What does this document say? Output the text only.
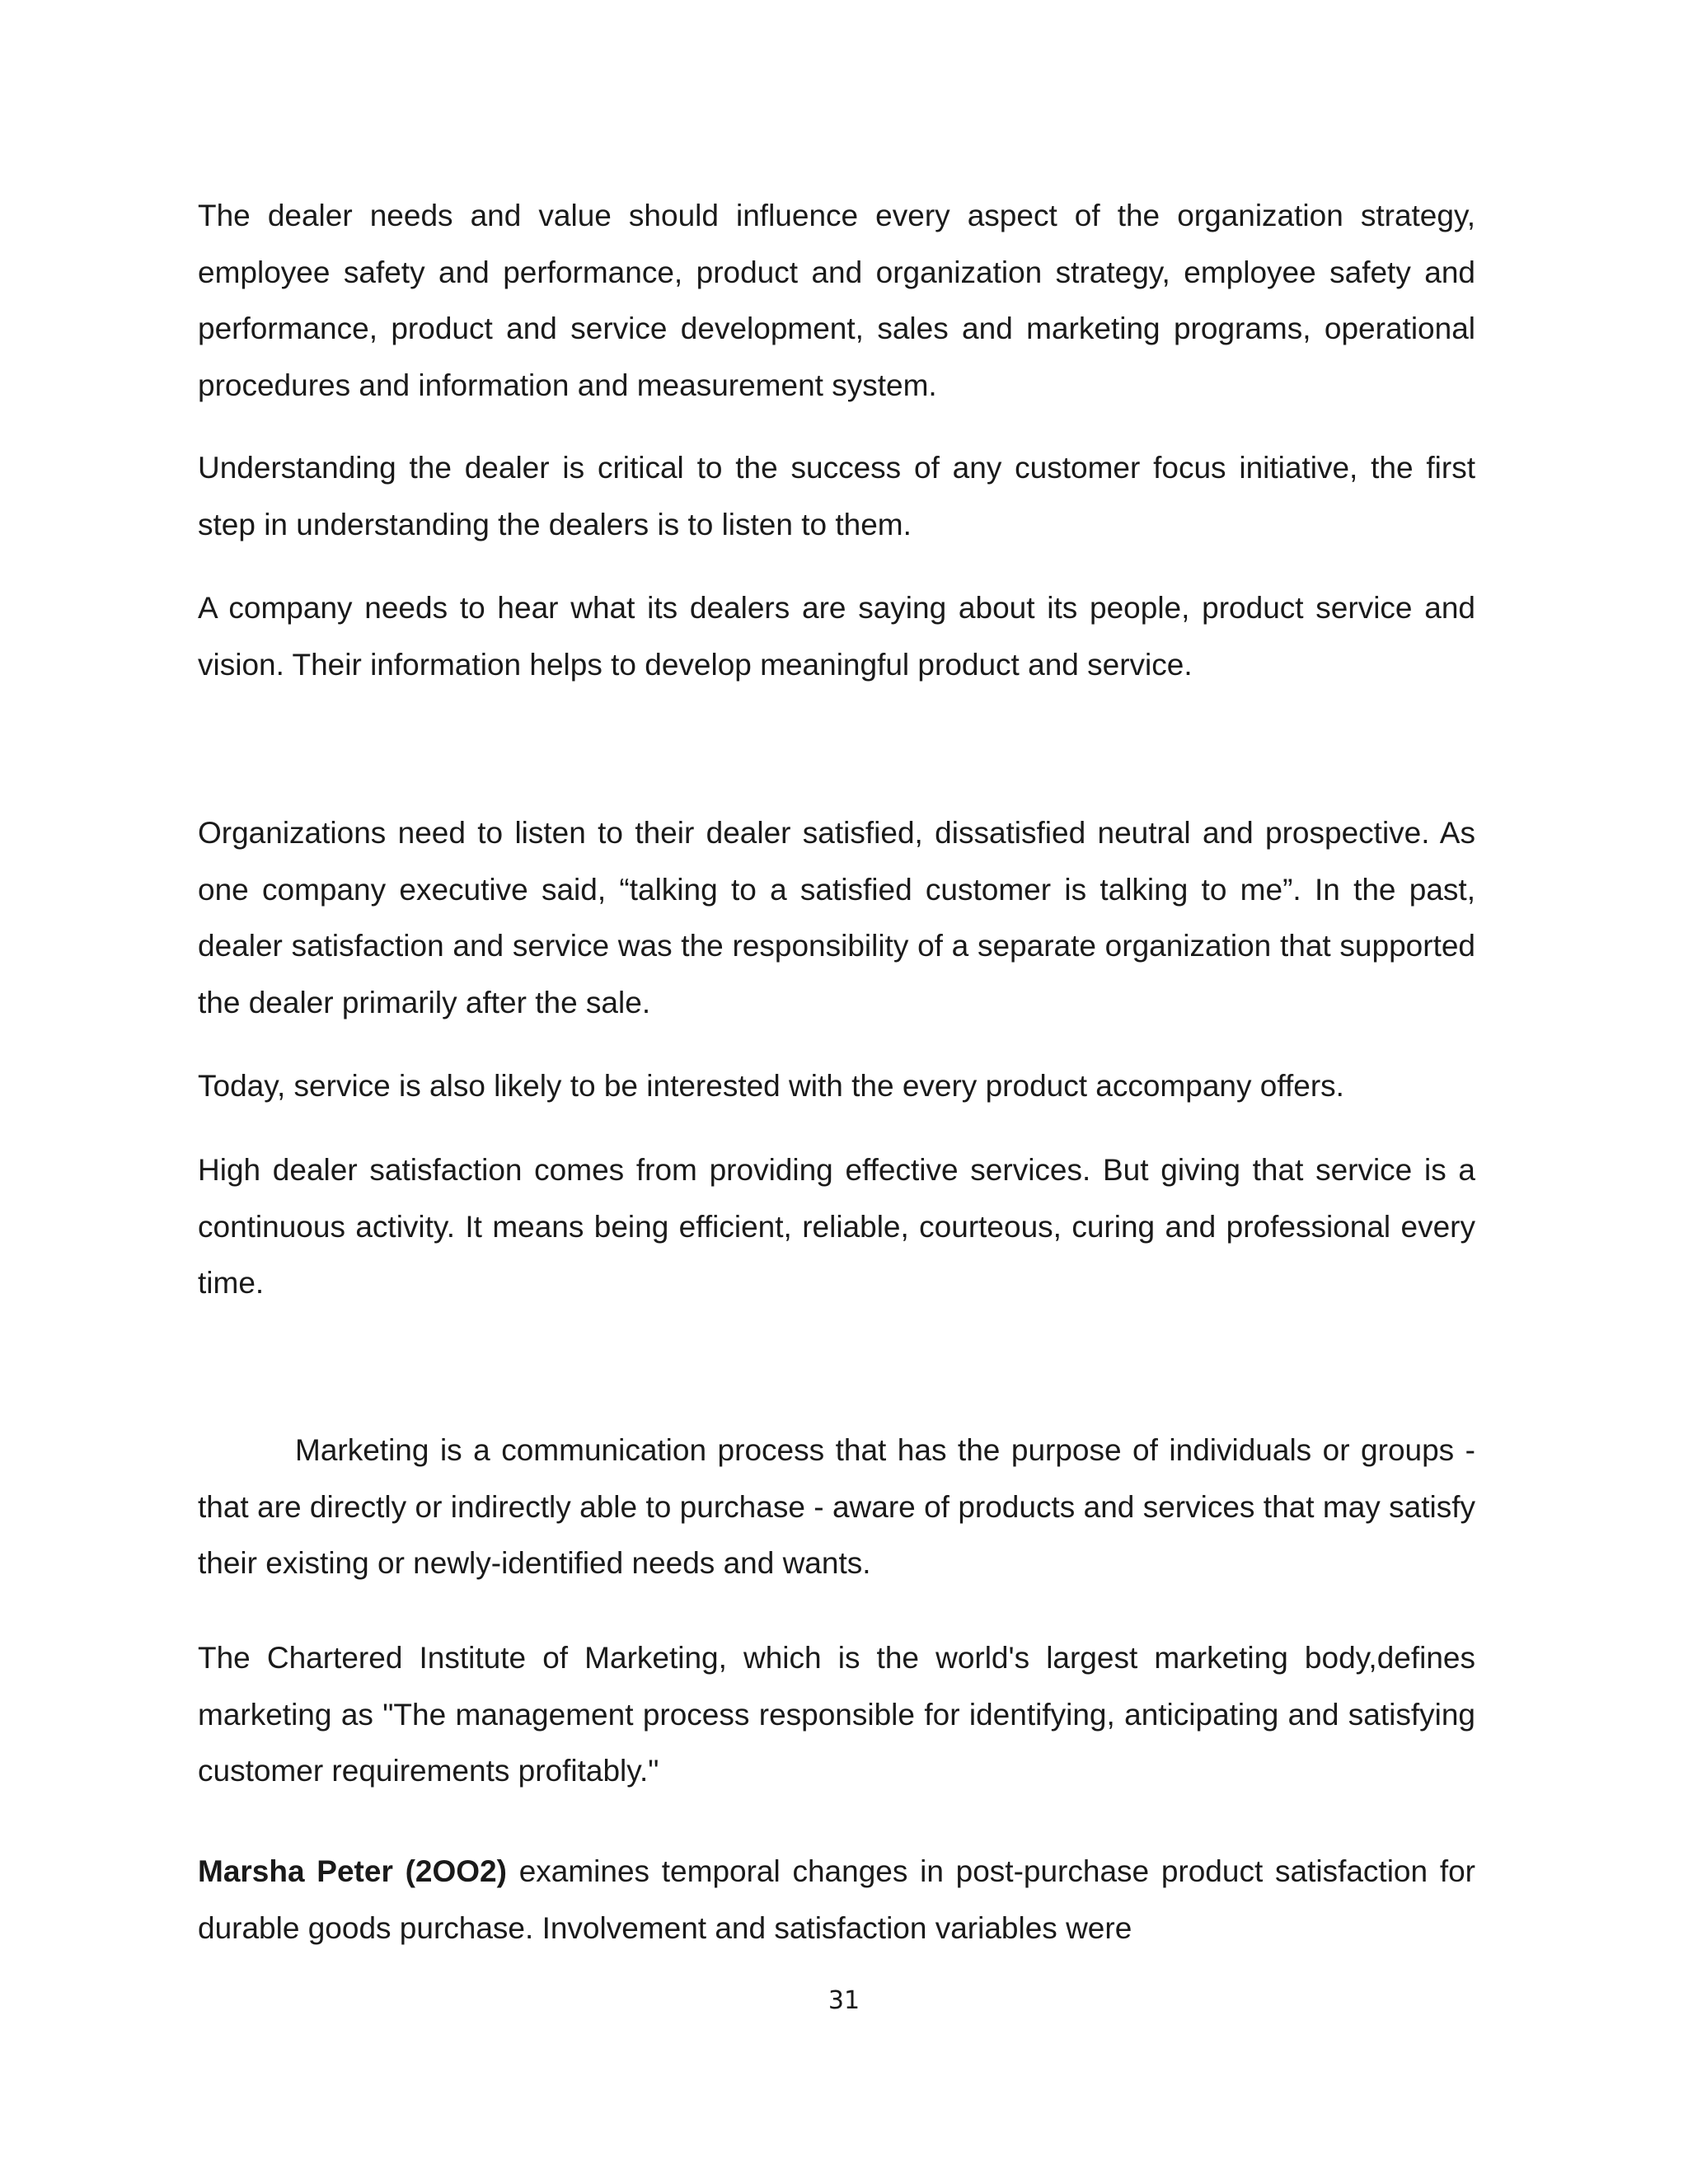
The dealer needs and value should influence every aspect of the organization strategy, employee safety and performance, product and organization strategy, employee safety and performance, product and service development, sales and marketing programs, operational procedures and information and measurement system.

Understanding the dealer is critical to the success of any customer focus initiative, the first step in understanding the dealers is to listen to them.

A company needs to hear what its dealers are saying about its people, product service and vision. Their information helps to develop meaningful product and service.

Organizations need to listen to their dealer satisfied, dissatisfied neutral and prospective. As one company executive said, “talking to a satisfied customer is talking to me”. In the past, dealer satisfaction and service was the responsibility of a separate organization that supported the dealer primarily after the sale.

Today, service is also likely to be interested with the every product accompany offers.

High dealer satisfaction comes from providing effective services. But giving that service is a continuous activity. It means being efficient, reliable, courteous, curing and professional every time.

Marketing is a communication process that has the purpose of individuals or groups - that are directly or indirectly able to purchase - aware of products and services that may satisfy their existing or newly-identified needs and wants.

The Chartered Institute of Marketing, which is the world's largest marketing body,defines marketing as "The management process responsible for identifying, anticipating and satisfying customer requirements profitably."

Marsha Peter (2OO2) examines temporal changes in post-purchase product satisfaction for durable goods purchase. Involvement and satisfaction variables were

31
